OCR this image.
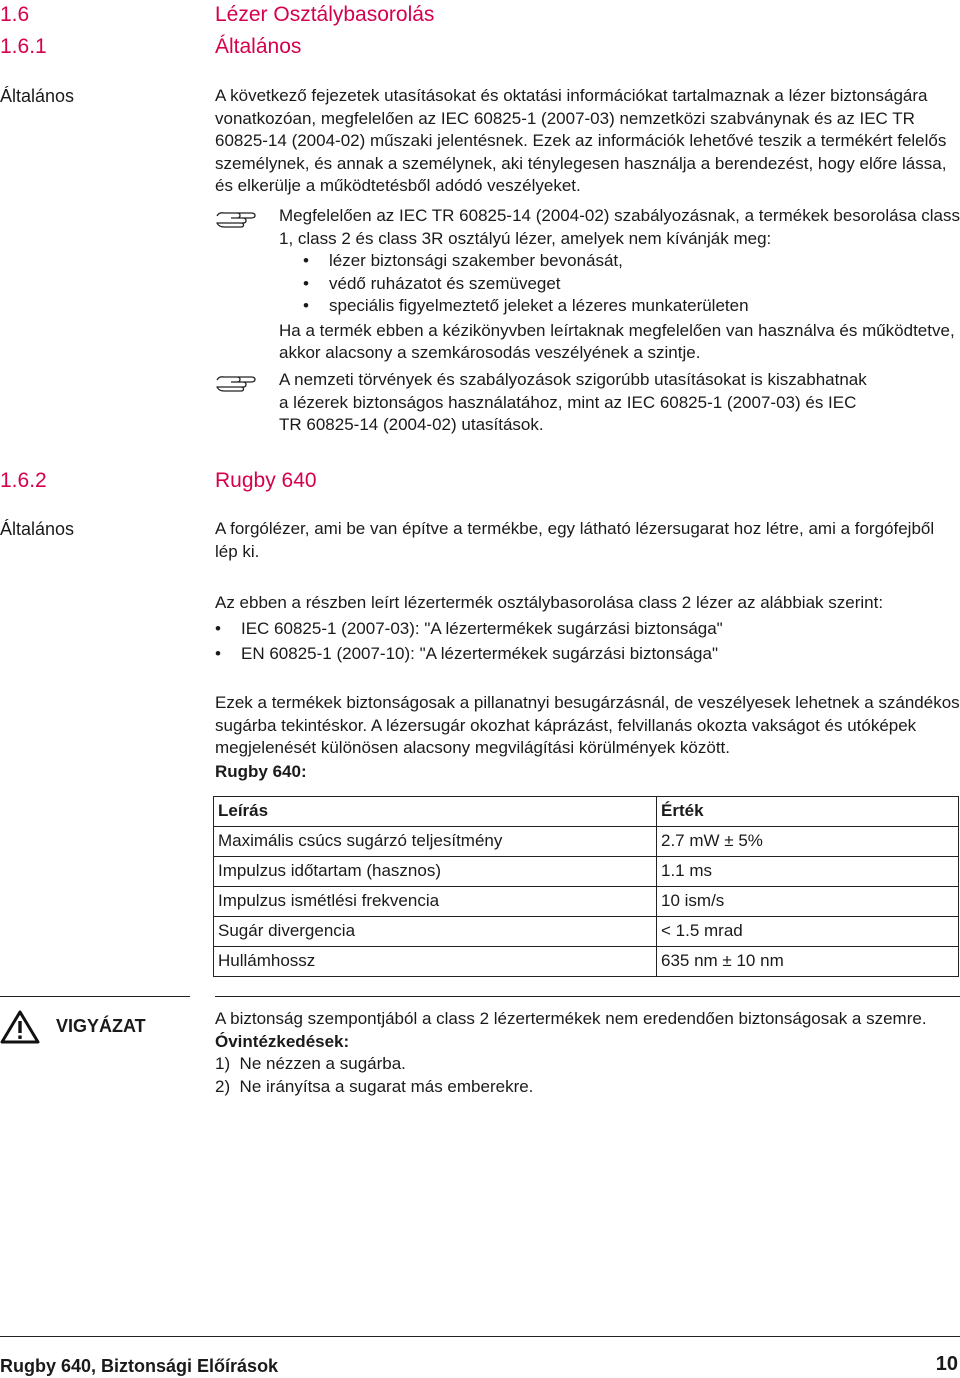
1.6	Lézer Osztálybasorolás
1.6.1	Általános
Általános	A következő fejezetek utasításokat és oktatási információkat tartalmaznak a lézer biztonságára vonatkozóan, megfelelően az IEC 60825-1 (2007-03) nemzetközi szabványnak és az IEC TR 60825-14 (2004-02) műszaki jelentésnek. Ezek az információk lehetővé teszik a termékért felelős személynek, és annak a személynek, aki ténylegesen használja a berendezést, hogy előre lássa, és elkerülje a működtetésből adódó veszélyeket.

Megfelelően az IEC TR 60825-14 (2004-02) szabályozásnak, a termékek besorolása class 1, class 2 és class 3R osztályú lézer, amelyek nem kívánják meg:

• lézer biztonsági szakember bevonását,
• védő ruházatot és szemüveget
• speciális figyelmeztető jeleket a lézeres munkaterületen

Ha a termék ebben a kézikönyvben leírtaknak megfelelően van használva és működtetve, akkor alacsony a szemkárosodás veszélyének a szintje.

A nemzeti törvények és szabályozások szigorúbb utasításokat is kiszabhatnak a lézerek biztonságos használatához, mint az IEC 60825-1 (2007-03) és IEC TR 60825-14 (2004-02) utasítások.

1.6.2	Rugby 640
Általános	A forgólézer, ami be van építve a termékbe, egy látható lézersugarat hoz létre, ami a forgófejből lép ki.

Az ebben a részben leírt lézertermék osztálybasorolása class 2 lézer az alábbiak szerint:

• IEC 60825-1 (2007-03): "A lézertermékek sugárzási biztonsága"
• EN 60825-1 (2007-10): "A lézertermékek sugárzási biztonsága"

Ezek a termékek biztonságosak a pillanatnyi besugárzásnál, de veszélyesek lehetnek a szándékos sugárba tekintéskor. A lézersugár okozhat káprázást, felvillanás okozta vakságot és utóképek megjelenését különösen alacsony megvilágítási körülmények között.

Rugby 640:

Leírás	Érték
Maximális csúcs sugárzó teljesítmény	2.7 mW ± 5%
Impulzus időtartam (hasznos)	1.1 ms
Impulzus ismétlési frekvencia	10 ism/s
Sugár divergencia	< 1.5 mrad
Hullámhossz	635 nm ± 10 nm
VIGYÁZAT	A biztonság szempontjából a class 2 lézertermékek nem eredendően biztonságosak a szemre.

Óvintézkedések:

1)  Ne nézzen a sugárba.
2)  Ne irányítsa a sugarat más emberekre.
Rugby 640, Biztonsági Előírások	10
